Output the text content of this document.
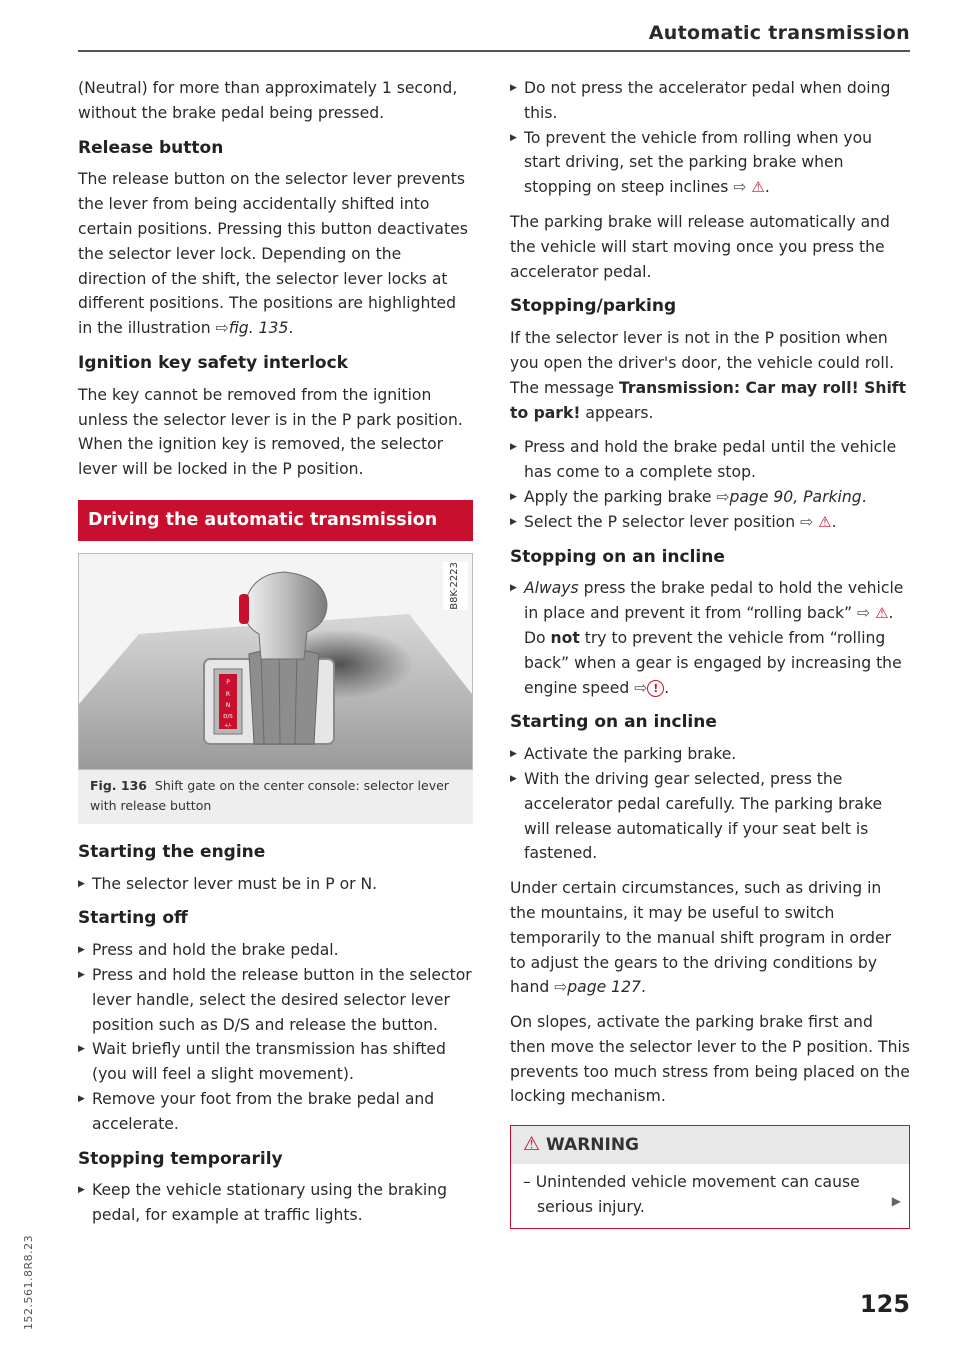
Automatic transmission

(Neutral) for more than approximately 1 second, without the brake pedal being pressed.

Release button

The release button on the selector lever prevents the lever from being accidentally shifted into certain positions. Pressing this button deactivates the selector lever lock. Depending on the direction of the shift, the selector lever locks at different positions. The positions are highlighted in the illustration ⇨fig. 135.

Ignition key safety interlock

The key cannot be removed from the ignition unless the selector lever is in the P park position. When the ignition key is removed, the selector lever will be locked in the P position.

Driving the automatic transmission
P
R
N
D/S
+/-
B8K-2223
Fig. 136 Shift gate on the center console: selector lever with release button
Starting the engine
▶ The selector lever must be in P or N.
Starting off
▶ Press and hold the brake pedal.
▶ Press and hold the release button in the selector lever handle, select the desired selector lever position such as D/S and release the button.
▶ Wait briefly until the transmission has shifted (you will feel a slight movement).
▶ Remove your foot from the brake pedal and accelerate.
Stopping temporarily
▶ Keep the vehicle stationary using the braking pedal, for example at traffic lights.
▶ Do not press the accelerator pedal when doing this.
▶ To prevent the vehicle from rolling when you start driving, set the parking brake when stopping on steep inclines ⇨ ⚠.

The parking brake will release automatically and the vehicle will start moving once you press the accelerator pedal.

Stopping/parking

If the selector lever is not in the P position when you open the driver's door, the vehicle could roll. The message Transmission: Car may roll! Shift to park! appears.

▶ Press and hold the brake pedal until the vehicle has come to a complete stop.
▶ Apply the parking brake ⇨page 90, Parking.
▶ Select the P selector lever position ⇨ ⚠.
Stopping on an incline
▶ Always press the brake pedal to hold the vehicle in place and prevent it from “rolling back” ⇨ ⚠. Do not try to prevent the vehicle from “rolling back” when a gear is engaged by increasing the engine speed ⇨ ! .
Starting on an incline
▶ Activate the parking brake.
▶ With the driving gear selected, press the accelerator pedal carefully. The parking brake will release automatically if your seat belt is fastened.

Under certain circumstances, such as driving in the mountains, it may be useful to switch temporarily to the manual shift program in order to adjust the gears to the driving conditions by hand ⇨page 127.

On slopes, activate the parking brake first and then move the selector lever to the P position. This prevents too much stress from being placed on the locking mechanism.

⚠ WARNING

– Unintended vehicle movement can cause serious injury.	▶
125
152.561.8R8.23
